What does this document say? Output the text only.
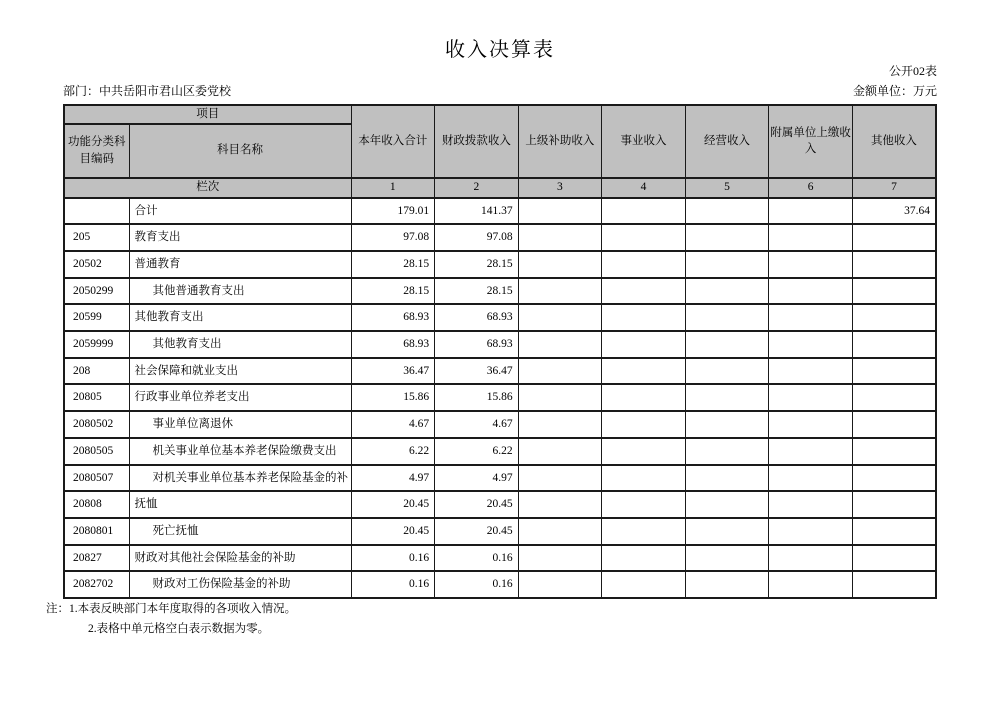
收入决算表
公开02表
部门：中共岳阳市君山区委党校	金额单位：万元
项目		本年收入合计	财政拨款收入	上级补助收入	事业收入	经营收入	附属单位上缴收入	其他收入
功能分类科目编码	科目名称							
栏次		1	2	3	4	5	6	7
	合计	179.01	141.37					37.64
205	教育支出	97.08	97.08					
20502	普通教育	28.15	28.15					
2050299	其他普通教育支出	28.15	28.15					
20599	其他教育支出	68.93	68.93					
2059999	其他教育支出	68.93	68.93					
208	社会保障和就业支出	36.47	36.47					
20805	行政事业单位养老支出	15.86	15.86					
2080502	事业单位离退休	4.67	4.67					
2080505	机关事业单位基本养老保险缴费支出	6.22	6.22					
2080507	对机关事业单位基本养老保险基金的补	4.97	4.97					
20808	抚恤	20.45	20.45					
2080801	死亡抚恤	20.45	20.45					
20827	财政对其他社会保险基金的补助	0.16	0.16					
2082702	财政对工伤保险基金的补助	0.16	0.16					
注：1.本表反映部门本年度取得的各项收入情况。
2.表格中单元格空白表示数据为零。
